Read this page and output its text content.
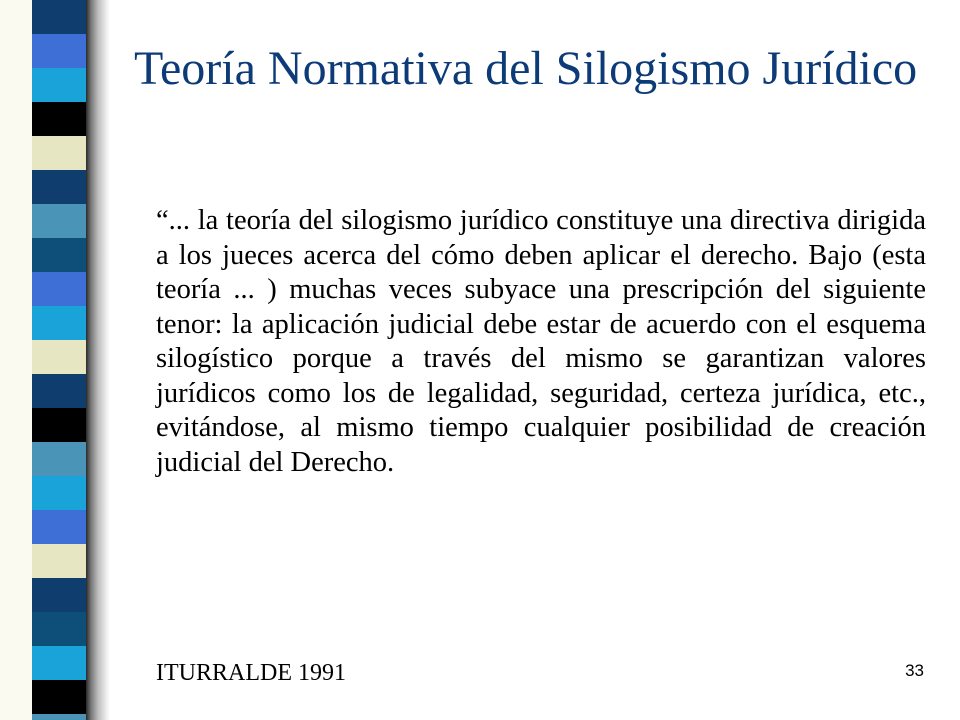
Teoría Normativa del Silogismo Jurídico

“... la teoría del silogismo jurídico constituye una directiva dirigida a los jueces acerca del cómo deben aplicar el derecho. Bajo (esta teoría ... ) muchas veces subyace una prescripción del siguiente tenor: la aplicación judicial debe estar de acuerdo con el esquema silogístico porque a través del mismo se garantizan valores jurídicos como los de legalidad, seguridad, certeza jurídica, etc., evitándose, al mismo tiempo cualquier posibilidad de creación judicial del Derecho.

ITURRALDE 1991	33
